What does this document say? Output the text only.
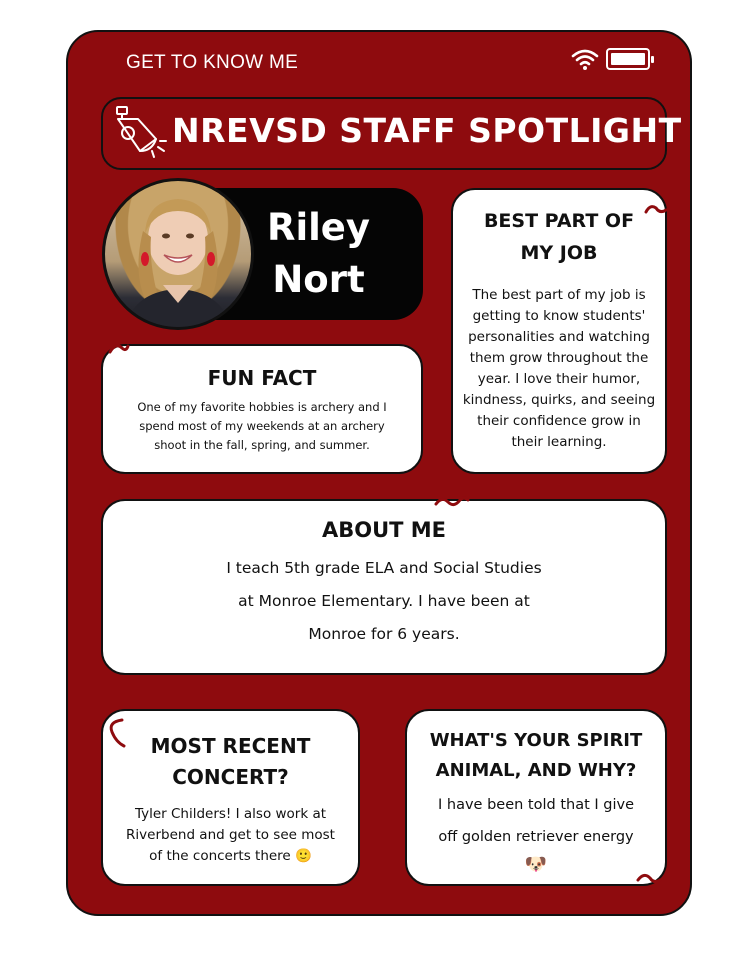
GET TO KNOW ME
NREVSD STAFF SPOTLIGHT
Riley
Nort
BEST PART OF
MY JOB
The best part of my job is
getting to know students'
personalities and watching
them grow throughout the
year. I love their humor,
kindness, quirks, and seeing
their confidence grow in
their learning.
FUN FACT
One of my favorite hobbies is archery and I
spend most of my weekends at an archery
shoot in the fall, spring, and summer.
ABOUT ME
I teach 5th grade ELA and Social Studies
at Monroe Elementary. I have been at
Monroe for 6 years.
MOST RECENT
CONCERT?
Tyler Childers! I also work at
Riverbend and get to see most
of the concerts there 🙂
WHAT'S YOUR SPIRIT
ANIMAL, AND WHY?
I have been told that I give
off golden retriever energy
🐶
